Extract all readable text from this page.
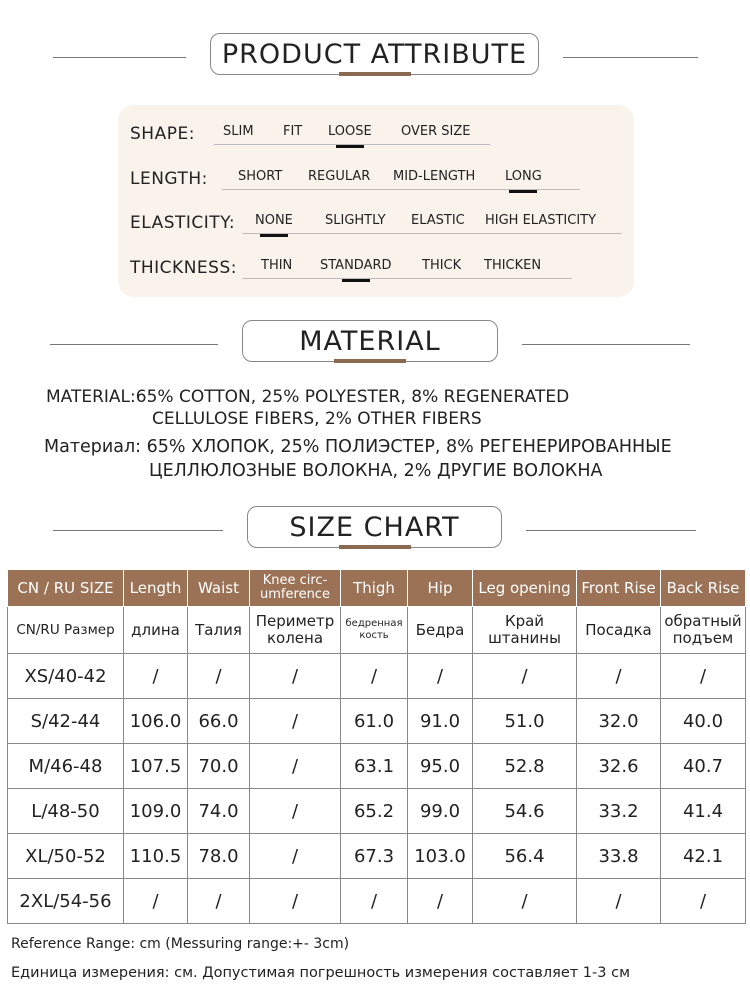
PRODUCT ATTRIBUTE
SHAPE: SLIM FIT LOOSE OVER SIZE
LENGTH: SHORT REGULAR MID-LENGTH LONG
ELASTICITY: NONE SLIGHTLY ELASTIC HIGH ELASTICITY
THICKNESS: THIN STANDARD THICK THICKEN
MATERIAL
MATERIAL:65% COTTON, 25% POLYESTER, 8% REGENERATED
CELLULOSE FIBERS, 2% OTHER FIBERS
Материал: 65% ХЛОПОК, 25% ПОЛИЭСТЕР, 8% РЕГЕНЕРИРОВАННЫЕ
ЦЕЛЛЮЛОЗНЫЕ ВОЛОКНА, 2% ДРУГИЕ ВОЛОКНА
SIZE CHART
CN / RU SIZE	Length	Waist	Knee circ-umference	Thigh	Hip	Leg opening	Front Rise	Back Rise
CN/RU Размер	длина	Талия	Периметр колена	бедренная кость	Бедра	Край штанины	Посадка	обратный подъем
XS/40-42	/	/	/	/	/	/	/	/
S/42-44	106.0	66.0	/	61.0	91.0	51.0	32.0	40.0
M/46-48	107.5	70.0	/	63.1	95.0	52.8	32.6	40.7
L/48-50	109.0	74.0	/	65.2	99.0	54.6	33.2	41.4
XL/50-52	110.5	78.0	/	67.3	103.0	56.4	33.8	42.1
2XL/54-56	/	/	/	/	/	/	/	/
Reference Range: cm (Messuring range:+- 3cm)
Единица измерения: см. Допустимая погрешность измерения составляет 1-3 см
